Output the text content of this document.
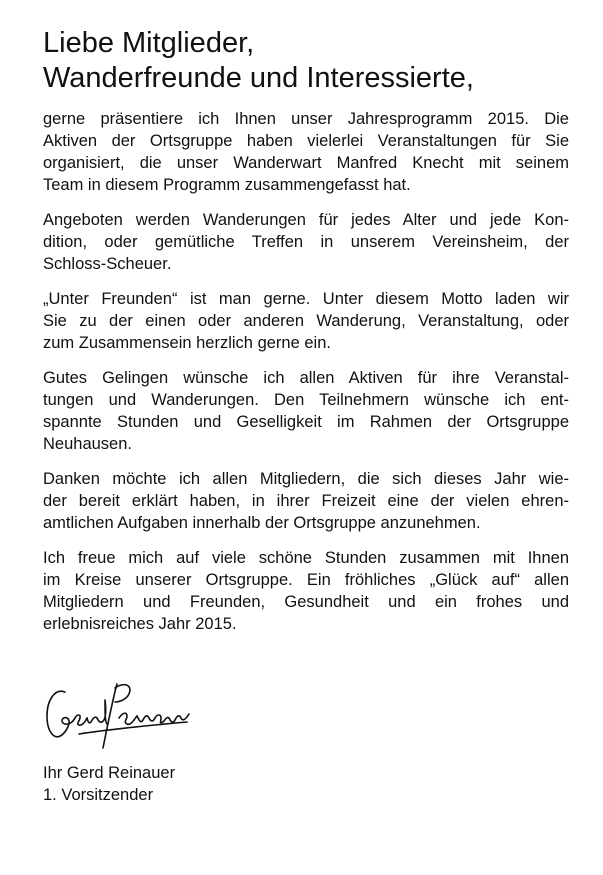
Liebe Mitglieder,
Wanderfreunde und Interessierte,

gerne präsentiere ich Ihnen unser Jahresprogramm 2015. Die
Aktiven der Ortsgruppe haben vielerlei Veranstaltungen für Sie
organisiert, die unser Wanderwart Manfred Knecht mit seinem
Team in diesem Programm zusammengefasst hat.

Angeboten werden Wanderungen für jedes Alter und jede Kon-
dition, oder gemütliche Treffen in unserem Vereinsheim, der
Schloss-Scheuer.

„Unter Freunden“ ist man gerne. Unter diesem Motto laden wir
Sie zu der einen oder anderen Wanderung, Veranstaltung, oder
zum Zusammensein herzlich gerne ein.

Gutes Gelingen wünsche ich allen Aktiven für ihre Veranstal-
tungen und Wanderungen. Den Teilnehmern wünsche ich ent-
spannte Stunden und Geselligkeit im Rahmen der Ortsgruppe
Neuhausen.

Danken möchte ich allen Mitgliedern, die sich dieses Jahr wie-
der bereit erklärt haben, in ihrer Freizeit eine der vielen ehren-
amtlichen Aufgaben innerhalb der Ortsgruppe anzunehmen.

Ich freue mich auf viele schöne Stunden zusammen mit Ihnen
im Kreise unserer Ortsgruppe. Ein fröhliches „Glück auf“ allen
Mitgliedern und Freunden, Gesundheit und ein frohes und
erlebnisreiches Jahr 2015.

Ihr Gerd Reinauer
1. Vorsitzender
